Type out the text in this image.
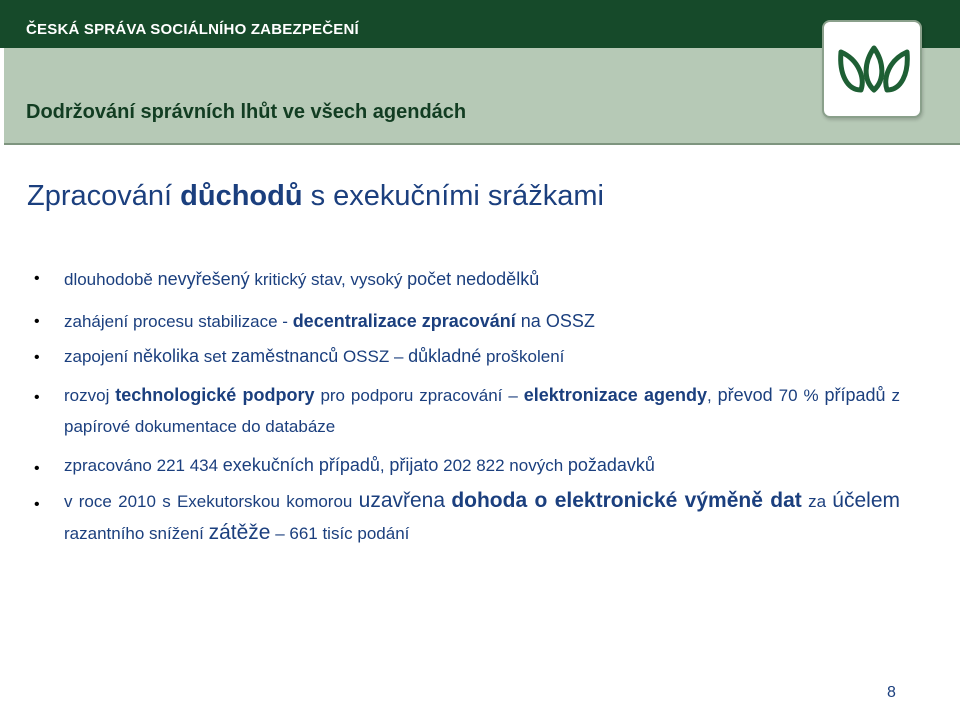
ČESKÁ SPRÁVA SOCIÁLNÍHO ZABEZPEČENÍ
Dodržování správních lhůt ve všech agendách
Zpracování důchodů s exekučními srážkami
• dlouhodobě nevyřešený kritický stav, vysoký počet nedodělků
• zahájení procesu stabilizace - decentralizace zpracování na OSSZ
• zapojení několika set zaměstnanců OSSZ – důkladné proškolení
• rozvoj technologické podpory pro podporu zpracování – elektronizace agendy, převod 70 % případů z papírové dokumentace do databáze
• zpracováno 221 434 exekučních případů, přijato 202 822 nových požadavků
• v roce 2010 s Exekutorskou komorou uzavřena dohoda o elektronické výměně dat za účelem razantního snížení zátěže – 661 tisíc podání
8
